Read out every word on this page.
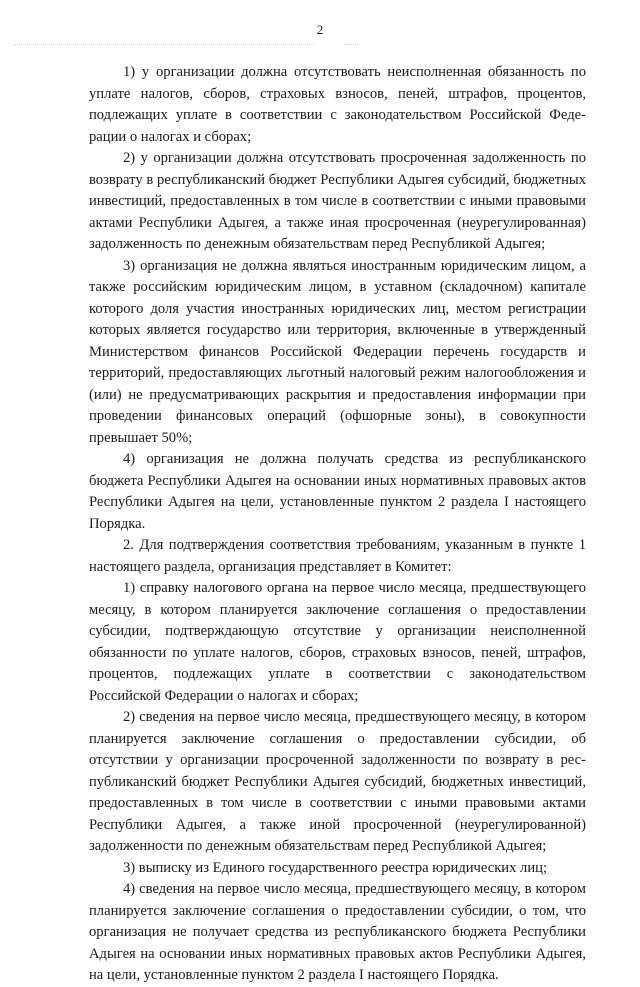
2

1) у организации должна отсутствовать неисполненная обязанность по уплате налогов, сборов, страховых взносов, пеней, штрафов, процентов, подлежащих уплате в соответствии с законодательством Российской Федерации о налогах и сборах;

2) у организации должна отсутствовать просроченная задолженность по возврату в республиканский бюджет Республики Адыгея субсидий, бюджетных инвестиций, предоставленных в том числе в соответствии с иными правовыми актами Республики Адыгея, а также иная просроченная (неурегулированная) задолженность по денежным обязательствам перед Республикой Адыгея;

3) организация не должна являться иностранным юридическим лицом, а также российским юридическим лицом, в уставном (складочном) капитале которого доля участия иностранных юридических лиц, местом регистрации которых является государство или территория, включенные в утвержденный Министерством финансов Российской Федерации перечень государств и территорий, предоставляющих льготный налоговый режим налогообложения и (или) не предусматривающих раскрытия и предоставления информации при проведении финансовых операций (офшорные зоны), в совокупности превышает 50%;

4) организация не должна получать средства из республиканского бюджета Республики Адыгея на основании иных нормативных правовых актов Республики Адыгея на цели, установленные пунктом 2 раздела I настоящего Порядка.

2. Для подтверждения соответствия требованиям, указанным в пункте 1 настоящего раздела, организация представляет в Комитет:

1) справку налогового органа на первое число месяца, предшествующего месяцу, в котором планируется заключение соглашения о предоставлении субсидии, подтверждающую отсутствие у организации неисполненной обязанности по уплате налогов, сборов, страховых взносов, пеней, штрафов, процентов, подлежащих уплате в соответствии с законодательством Российской Федерации о налогах и сборах;

2) сведения на первое число месяца, предшествующего месяцу, в котором планируется заключение соглашения о предоставлении субсидии, об отсутствии у организации просроченной задолженности по возврату в республиканский бюджет Республики Адыгея субсидий, бюджетных инвестиций, предоставленных в том числе в соответствии с иными правовыми актами Республики Адыгея, а также иной просроченной (неурегулированной) задолженности по денежным обязательствам перед Республикой Адыгея;

3) выписку из Единого государственного реестра юридических лиц;

4) сведения на первое число месяца, предшествующего месяцу, в котором планируется заключение соглашения о предоставлении субсидии, о том, что организация не получает средства из республиканского бюджета Республики Адыгея на основании иных нормативных правовых актов Республики Адыгея, на цели, установленные пунктом 2 раздела I настоящего Порядка.
